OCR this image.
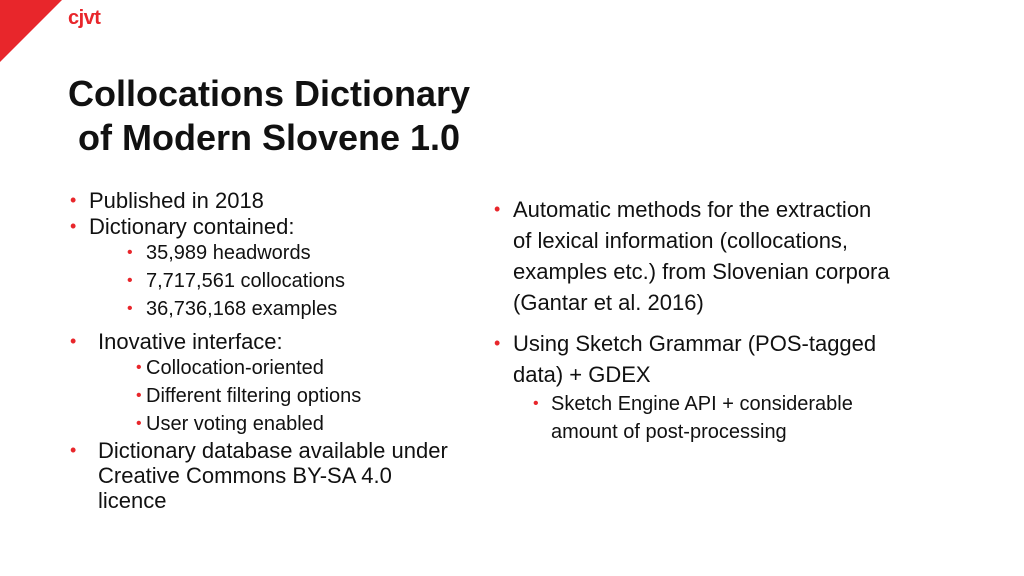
cjvt
Collocations Dictionary
of Modern Slovene 1.0
• Published in 2018
• Dictionary contained:
• 35,989 headwords
• 7,717,561 collocations
• 36,736,168 examples
• Inovative interface:
• Collocation-oriented
• Different filtering options
• User voting enabled
• Dictionary database available under Creative Commons BY-SA 4.0 licence
• Automatic methods for the extraction of lexical information (collocations, examples etc.) from Slovenian corpora (Gantar et al. 2016)
• Using Sketch Grammar (POS-tagged data) + GDEX
• Sketch Engine API + considerable amount of post-processing
